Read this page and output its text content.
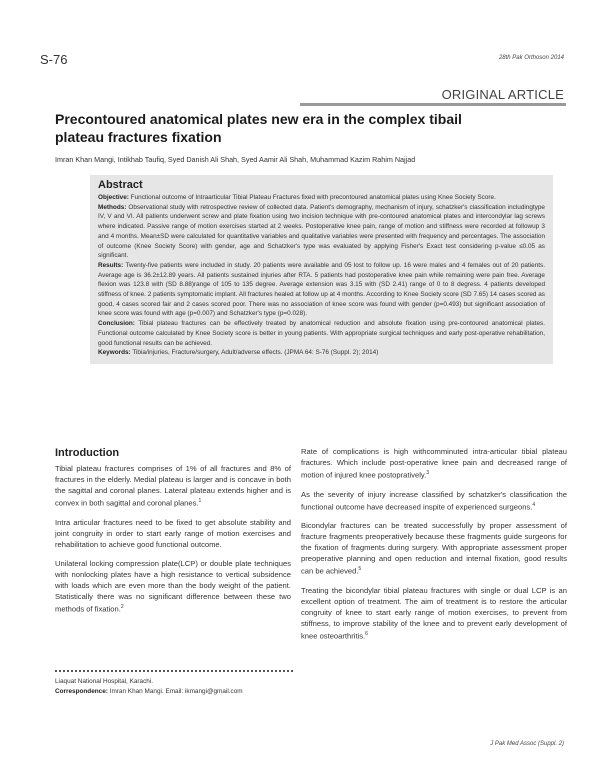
S-76	28th Pak Orthoson 2014
ORIGINAL ARTICLE
Precontoured anatomical plates new era in the complex tibail plateau fractures fixation
Imran Khan Mangi, Intikhab Taufiq, Syed Danish Ali Shah, Syed Aamir Ali Shah, Muhammad Kazim Rahim Najjad
Abstract

Objective: Functional outcome of Intraarticular Tibial Plateau Fractures fixed with precontoured anatomical plates using Knee Society Score.

Methods: Observational study with retrospective review of collected data. Patient's demography, mechanism of injury, schatzker's classification includingtype IV, V and VI. All patients underwent screw and plate fixation using two incision technique with pre-contoured anatomical plates and intercondylar lag screws where indicated. Passive range of motion exercises started at 2 weeks. Postoperative knee pain, range of motion and stiffness were recorded at followup 3 and 4 months. Mean±SD were calculated for quantitative variables and qualitative variables were presented with frequency and percentages. The association of outcome (Knee Society Score) with gender, age and Schatzker's type was evaluated by applying Fisher's Exact test considering p-value ≤0.05 as significant.

Results: Twenty-five patients were included in study. 20 patients were available and 05 lost to follow up. 16 were males and 4 females out of 20 patients. Average age is 36.2±12.89 years. All patients sustained injuries after RTA. 5 patients had postoperative knee pain while remaining were pain free. Average flexion was 123.8 with (SD 8.88)range of 105 to 135 degree. Average extension was 3.15 with (SD 2.41) range of 0 to 8 degress. 4 patients developed stiffness of knee. 2 patients symptomatic implant. All fractures healed at follow up at 4 months. According to Knee Society score (SD 7.65) 14 cases scored as good, 4 cases scored fair and 2 cases scored poor. There was no association of knee score was found with gender (p=0.493) but significant association of knee score was found with age (p=0.007) and Schatzker's type (p=0.028).

Conclusion: Tibial plateau fractures can be effectively treated by anatomical reduction and absolute fixation using pre-contoured anatomical plates. Functional outcome calculated by Knee Society score is better in young patients. With appropriate surgical techniques and early post-operative rehabilitation, good functional results can be achieved.

Keywords: Tibia/injuries, Fracture/surgery, Adult/adverse effects. (JPMA 64: S-76 (Suppl. 2); 2014)

Introduction

Tibial plateau fractures comprises of 1% of all fractures and 8% of fractures in the elderly. Medial plateau is larger and is concave in both the sagittal and coronal planes. Lateral plateau extends higher and is convex in both sagittal and coronal planes.$^1$

Intra articular fractures need to be fixed to get absolute stability and joint congruity in order to start early range of motion exercises and rehabilitation to achieve good functional outcome.

Unilateral locking compression plate(LCP) or double plate techniques with nonlocking plates have a high resistance to vertical subsidence with loads which are even more than the body weight of the patient. Statistically there was no significant difference between these two methods of fixation.$^2$

Rate of complications is high withcomminuted intra-articular tibial plateau fractures. Which include post-operative knee pain and decreased range of motion of injured knee postopratively.$^3$

As the severity of injury increase classified by schatzker's classification the functional outcome have decreased inspite of experienced surgeons.$^4$

Bicondylar fractures can be treated successfully by proper assessment of fracture fragments preoperatively because these fragments guide surgeons for the fixation of fragments during surgery. With appropriate assessment proper preoperative planning and open reduction and internal fixation, good results can be achieved.$^5$

Treating the bicondylar tibial plateau fractures with single or dual LCP is an excellent option of treatment. The aim of treatment is to restore the articular congruity of knee to start early range of motion exercises, to prevent from stiffness, to improve stability of the knee and to prevent early development of knee osteoarthritis.$^6$

Liaquat National Hospital, Karachi.
Correspondence: Imran Khan Mangi. Email: ikmangi@gmail.com
J Pak Med Assoc (Suppl. 2)
